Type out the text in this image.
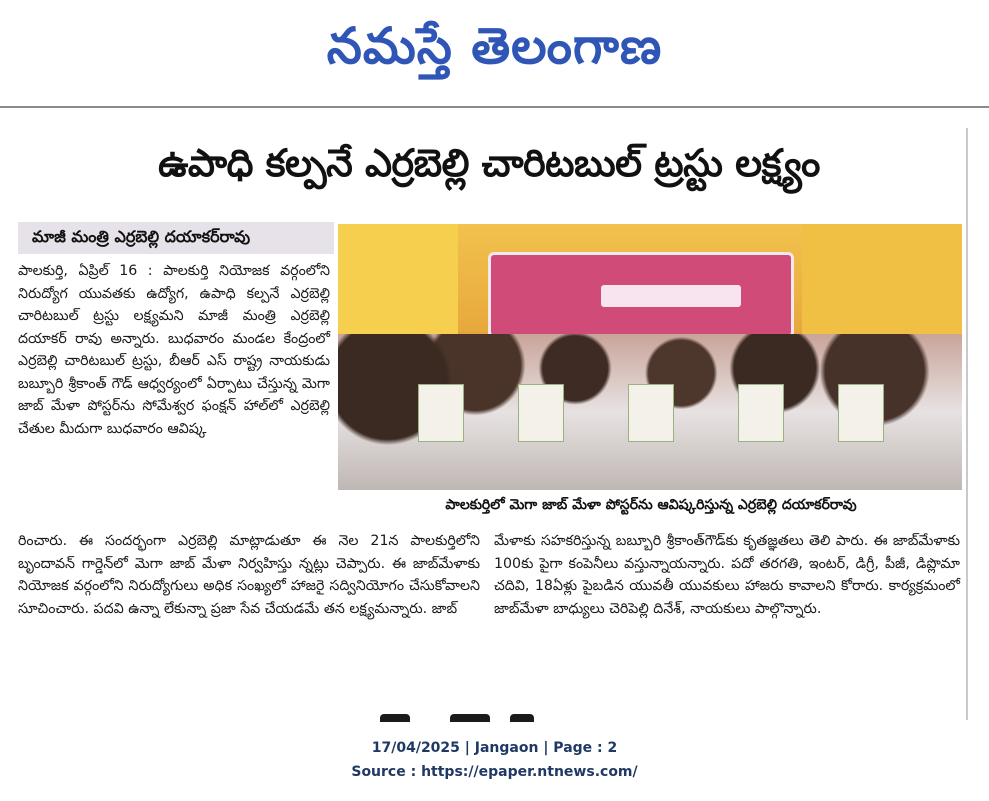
నమస్తే తెలంగాణ
ఉపాధి కల్పనే ఎర్రబెల్లి చారిటబుల్ ట్రస్టు లక్ష్యం
మాజీ మంత్రి ఎర్రబెల్లి దయాకర్‌రావు
పాలకుర్తిలో మెగా జాబ్ మేళా పోస్టర్‌ను ఆవిష్కరిస్తున్న ఎర్రబెల్లి దయాకర్‌రావు

పాలకుర్తి, ఏప్రిల్ 16 : పాలకుర్తి నియోజక వర్గంలోని నిరుద్యోగ యువతకు ఉద్యోగ, ఉపాధి కల్పనే ఎర్రబెల్లి చారిటబుల్ ట్రస్టు లక్ష్యమని మాజీ మంత్రి ఎర్రబెల్లి దయాకర్ రావు అన్నారు. బుధవారం మండల కేంద్రంలో ఎర్రబెల్లి చారిటబుల్ ట్రస్టు, బీఆర్ ఎస్ రాష్ట్ర నాయకుడు బబ్బూరి శ్రీకాంత్ గౌడ్ ఆధ్వర్యంలో ఏర్పాటు చేస్తున్న మెగా జాబ్ మేళా పోస్టర్‌ను సోమేశ్వర ఫంక్షన్ హాల్‌లో ఎర్రబెల్లి చేతుల మీదుగా బుధవారం ఆవిష్క

రించారు. ఈ సందర్భంగా ఎర్రబెల్లి మాట్లాడుతూ ఈ నెల 21న పాలకుర్తిలోని బృందావన్ గార్డెన్‌లో మెగా జాబ్ మేళా నిర్వహిస్తు న్నట్లు చెప్పారు. ఈ జాబ్‌మేళాకు నియోజక వర్గంలోని నిరుద్యోగులు అధిక సంఖ్యలో హాజరై సద్వినియోగం చేసుకోవాలని సూచించారు. పదవి ఉన్నా లేకున్నా ప్రజా సేవ చేయడమే తన లక్ష్యమన్నారు. జాబ్

మేళాకు సహకరిస్తున్న బబ్బూరి శ్రీకాంత్‌గౌడ్‌కు కృతజ్ఞతలు తెలి పారు. ఈ జాబ్‌మేళాకు 100కు పైగా కంపెనీలు వస్తున్నాయన్నారు. పదో తరగతి, ఇంటర్, డిగ్రీ, పీజీ, డిప్లొమా చదివి, 18ఏళ్లు పైబడిన యువతీ యువకులు హాజరు కావాలని కోరారు. కార్యక్రమంలో జాబ్‌మేళా బాధ్యులు చెరిపెల్లి దినేశ్, నాయకులు పాల్గొన్నారు.

17/04/2025 | Jangaon | Page : 2
Source : https://epaper.ntnews.com/
